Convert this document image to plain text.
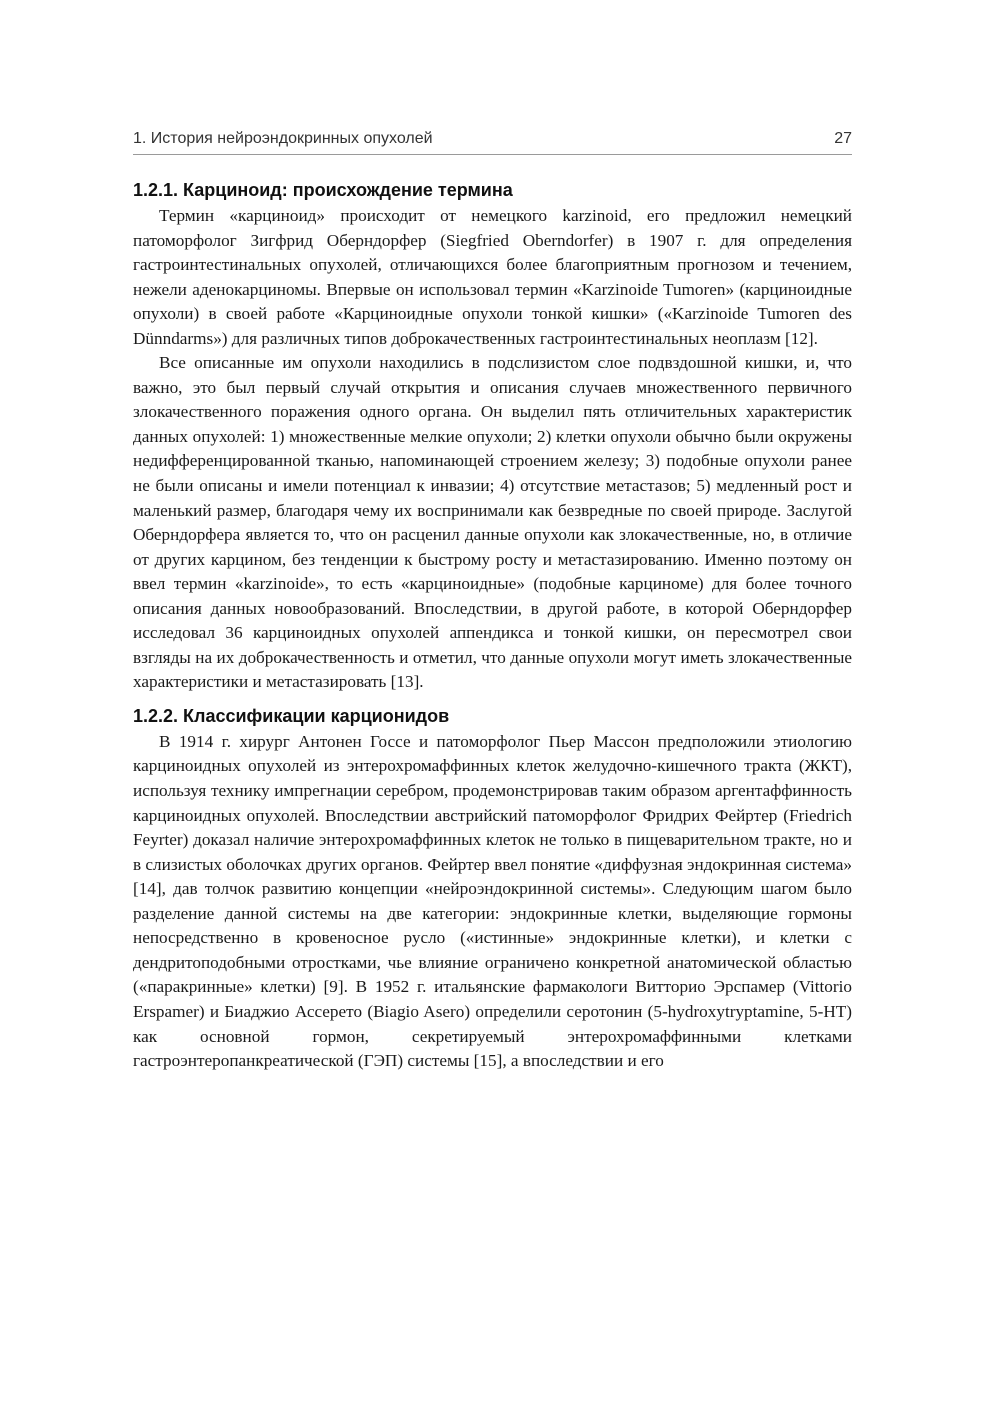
1. История нейроэндокринных опухолей	27
1.2.1. Карциноид: происхождение термина

Термин «карциноид» происходит от немецкого karzinoid, его предложил немецкий патоморфолог Зигфрид Оберндорфер (Siegfried Oberndorfer) в 1907 г. для определения гастроинтестинальных опухолей, отличающихся более благоприятным прогнозом и течением, нежели аденокарциномы. Впервые он использовал термин «Karzinoide Tumoren» (карциноидные опухоли) в своей работе «Карциноидные опухоли тонкой кишки» («Karzinoide Tumoren des Dünndarms») для различных типов доброкачественных гастроинтестинальных неоплазм [12].

Все описанные им опухоли находились в подслизистом слое подвздошной кишки, и, что важно, это был первый случай открытия и описания случаев множественного первичного злокачественного поражения одного органа. Он выделил пять отличительных характеристик данных опухолей: 1) множественные мелкие опухоли; 2) клетки опухоли обычно были окружены недифференцированной тканью, напоминающей строением железу; 3) подобные опухоли ранее не были описаны и имели потенциал к инвазии; 4) отсутствие метастазов; 5) медленный рост и маленький размер, благодаря чему их воспринимали как безвредные по своей природе. Заслугой Оберндорфера является то, что он расценил данные опухоли как злокачественные, но, в отличие от других карцином, без тенденции к быстрому росту и метастазированию. Именно поэтому он ввел термин «karzinoide», то есть «карциноидные» (подобные карциноме) для более точного описания данных новообразований. Впоследствии, в другой работе, в которой Оберндорфер исследовал 36 карциноидных опухолей аппендикса и тонкой кишки, он пересмотрел свои взгляды на их доброкачественность и отметил, что данные опухоли могут иметь злокачественные характеристики и метастазировать [13].

1.2.2. Классификации карционидов

В 1914 г. хирург Антонен Госсе и патоморфолог Пьер Массон предположили этиологию карциноидных опухолей из энтерохромаффинных клеток желудочно-кишечного тракта (ЖКТ), используя технику импрегнации серебром, продемонстрировав таким образом аргентаффинность карциноидных опухолей. Впоследствии австрийский патоморфолог Фридрих Фейртер (Friedrich Feyrter) доказал наличие энтерохромаффинных клеток не только в пищеварительном тракте, но и в слизистых оболочках других органов. Фейртер ввел понятие «диффузная эндокринная система» [14], дав толчок развитию концепции «нейроэндокринной системы». Следующим шагом было разделение данной системы на две категории: эндокринные клетки, выделяющие гормоны непосредственно в кровеносное русло («истинные» эндокринные клетки), и клетки с дендритоподобными отростками, чье влияние ограничено конкретной анатомической областью («паракринные» клетки) [9]. В 1952 г. итальянские фармакологи Витторио Эрспамер (Vittorio Erspamer) и Биаджио Ассерето (Biagio Asero) определили серотонин (5-hydroxytryptamine, 5-HT) как основной гормон, секретируемый энтерохромаффинными клетками гастроэнтеропанкреатической (ГЭП) системы [15], а впоследствии и его
